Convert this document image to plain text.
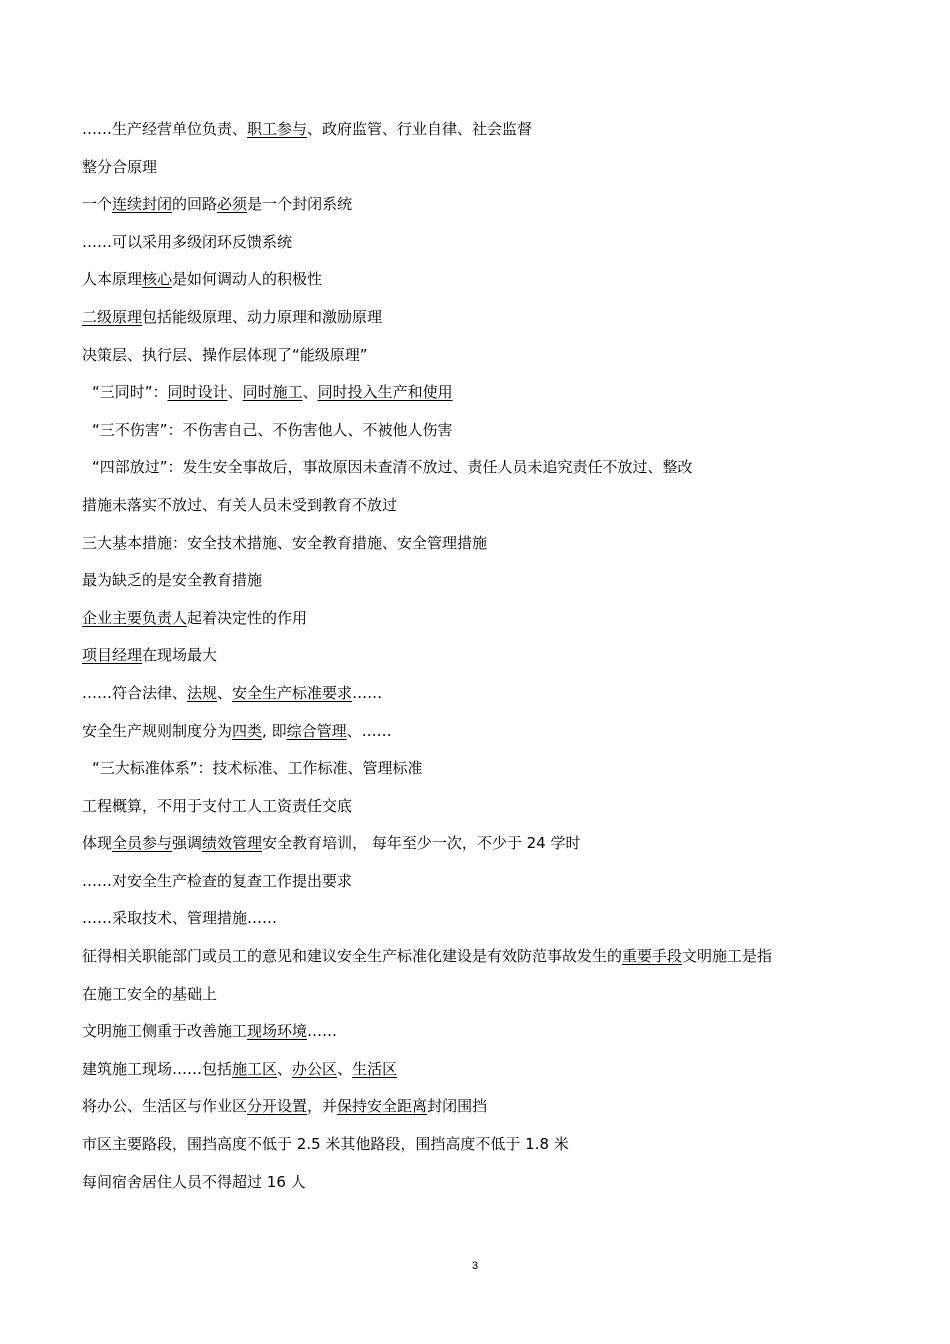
……生产经营单位负责、职工参与、政府监管、行业自律、社会监督
整分合原理
一个连续封闭的回路必须是一个封闭系统
……可以采用多级闭环反馈系统
人本原理核心是如何调动人的积极性
二级原理包括能级原理、动力原理和激励原理
决策层、执行层、操作层体现了“能级原理”
“三同时”：同时设计、同时施工、同时投入生产和使用
“三不伤害”：不伤害自己、不伤害他人、不被他人伤害
“四部放过”：发生安全事故后，事故原因未查清不放过、责任人员未追究责任不放过、整改
措施未落实不放过、有关人员未受到教育不放过
三大基本措施：安全技术措施、安全教育措施、安全管理措施
最为缺乏的是安全教育措施
企业主要负责人起着决定性的作用
项目经理在现场最大
……符合法律、法规、安全生产标准要求……
安全生产规则制度分为四类, 即综合管理、……
“三大标准体系”：技术标准、工作标准、管理标准
工程概算，不用于支付工人工资责任交底
体现全员参与强调绩效管理安全教育培训， 每年至少一次，不少于 24 学时
……对安全生产检查的复查工作提出要求
……采取技术、管理措施……
征得相关职能部门或员工的意见和建议安全生产标准化建设是有效防范事故发生的重要手段文明施工是指
在施工安全的基础上
文明施工侧重于改善施工现场环境……
建筑施工现场……包括施工区、办公区、生活区
将办公、生活区与作业区分开设置，并保持安全距离封闭围挡
市区主要路段，围挡高度不低于 2.5 米其他路段，围挡高度不低于 1.8 米
每间宿舍居住人员不得超过 16 人
3
